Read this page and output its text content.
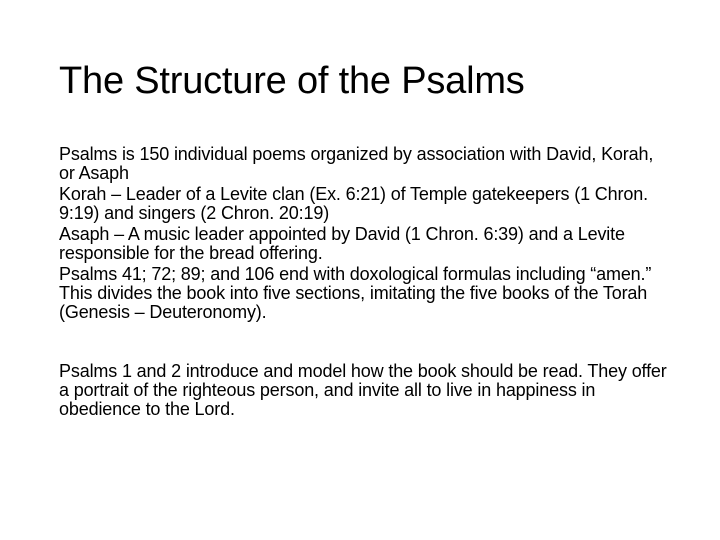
The Structure of the Psalms

Psalms is 150 individual poems organized by association with David, Korah, or Asaph

Korah – Leader of a Levite clan (Ex. 6:21) of Temple gatekeepers (1 Chron. 9:19) and singers (2 Chron. 20:19)

Asaph – A music leader appointed by David (1 Chron. 6:39) and a Levite responsible for the bread offering.

Psalms 41; 72; 89; and 106 end with doxological formulas including “amen.” This divides the book into five sections, imitating the five books of the Torah (Genesis – Deuteronomy).

Psalms 1 and 2 introduce and model how the book should be read. They offer a portrait of the righteous person, and invite all to live in happiness in obedience to the Lord.
